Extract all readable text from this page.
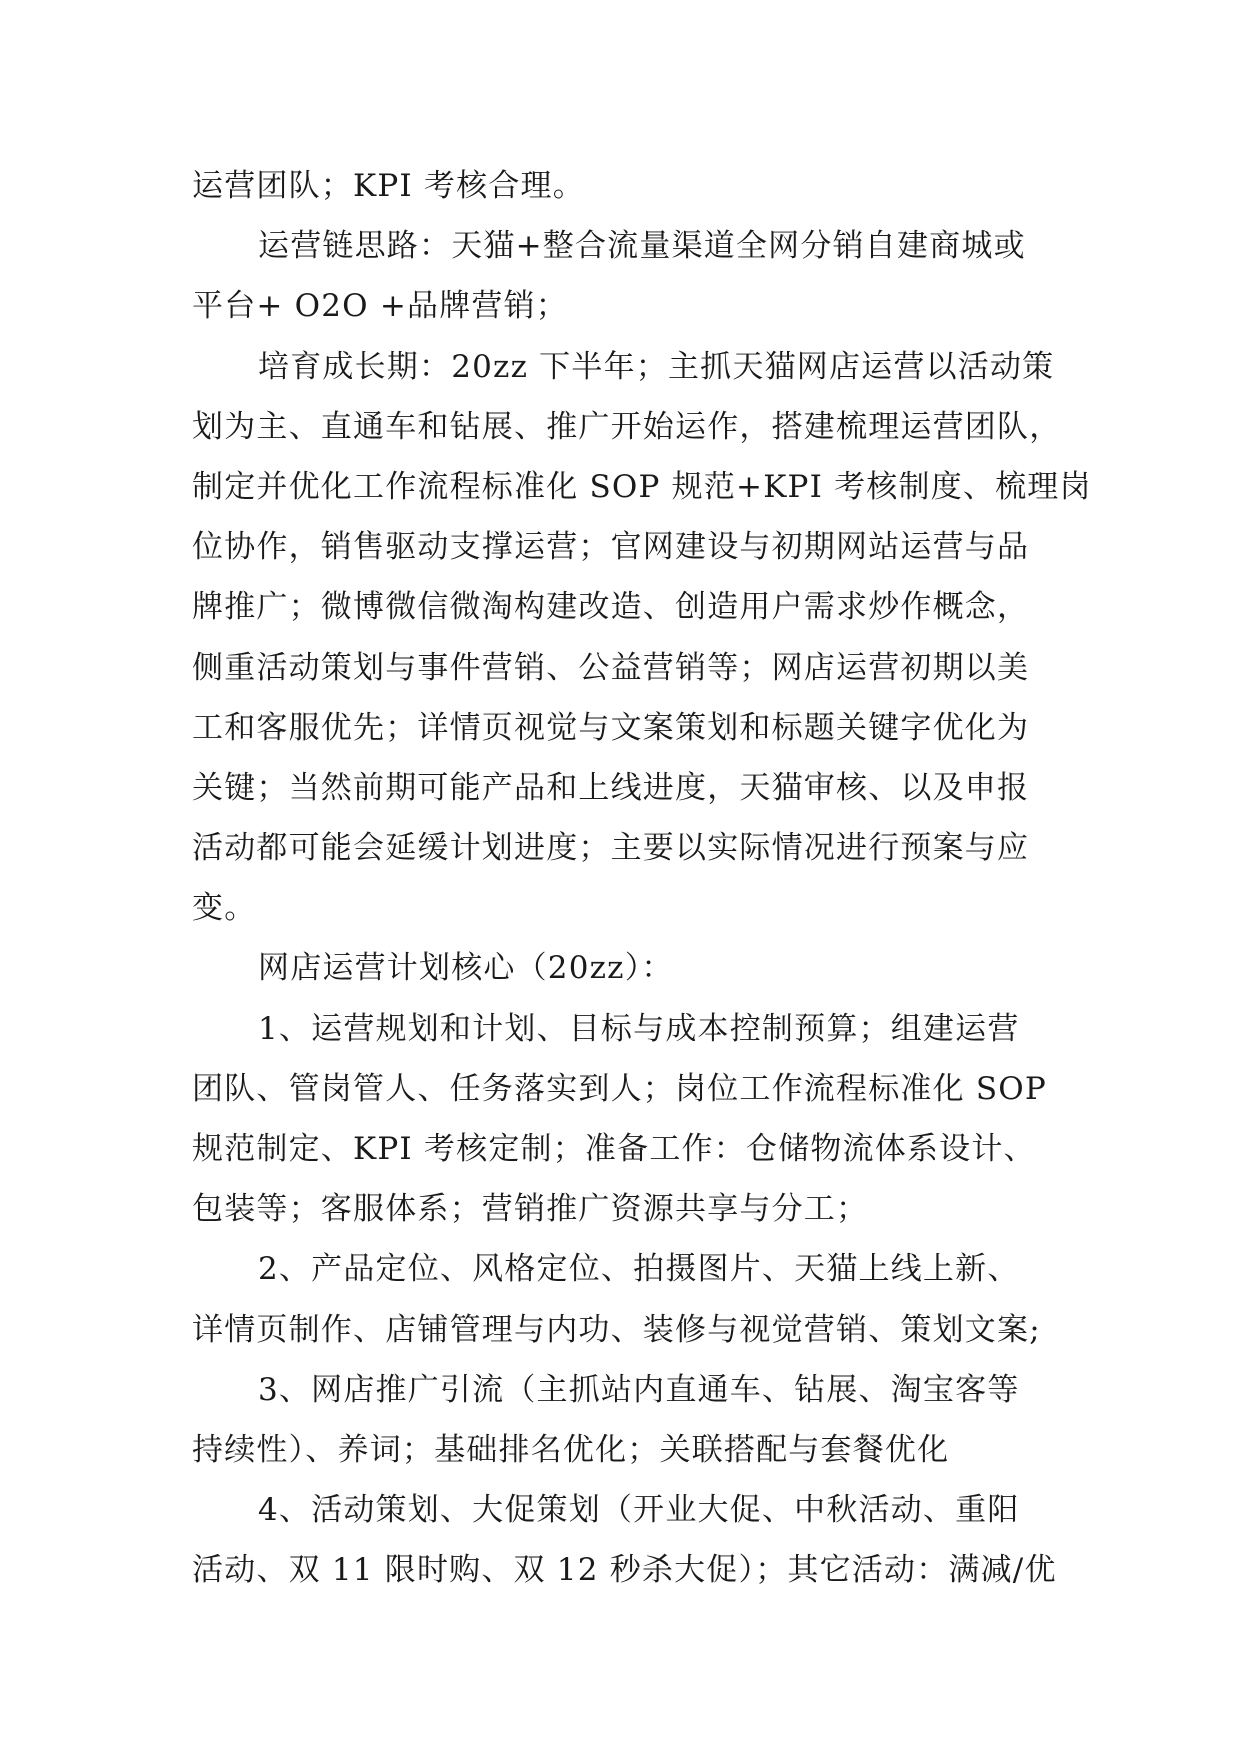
运营团队；KPI 考核合理。
运营链思路：天猫+整合流量渠道全网分销自建商城或
平台+ O2O +品牌营销；
培育成长期：20zz 下半年；主抓天猫网店运营以活动策
划为主、直通车和钻展、推广开始运作，搭建梳理运营团队，
制定并优化工作流程标准化 SOP 规范+KPI 考核制度、梳理岗
位协作，销售驱动支撑运营；官网建设与初期网站运营与品
牌推广；微博微信微淘构建改造、创造用户需求炒作概念，
侧重活动策划与事件营销、公益营销等；网店运营初期以美
工和客服优先；详情页视觉与文案策划和标题关键字优化为
关键；当然前期可能产品和上线进度，天猫审核、以及申报
活动都可能会延缓计划进度；主要以实际情况进行预案与应
变。
网店运营计划核心（20zz）：
1、运营规划和计划、目标与成本控制预算；组建运营
团队、管岗管人、任务落实到人；岗位工作流程标准化 SOP
规范制定、KPI 考核定制；准备工作：仓储物流体系设计、
包装等；客服体系；营销推广资源共享与分工；
2、产品定位、风格定位、拍摄图片、天猫上线上新、
详情页制作、店铺管理与内功、装修与视觉营销、策划文案;
3、网店推广引流（主抓站内直通车、钻展、淘宝客等
持续性）、养词；基础排名优化；关联搭配与套餐优化
4、活动策划、大促策划（开业大促、中秋活动、重阳
活动、双 11 限时购、双 12 秒杀大促）；其它活动：满减/优
